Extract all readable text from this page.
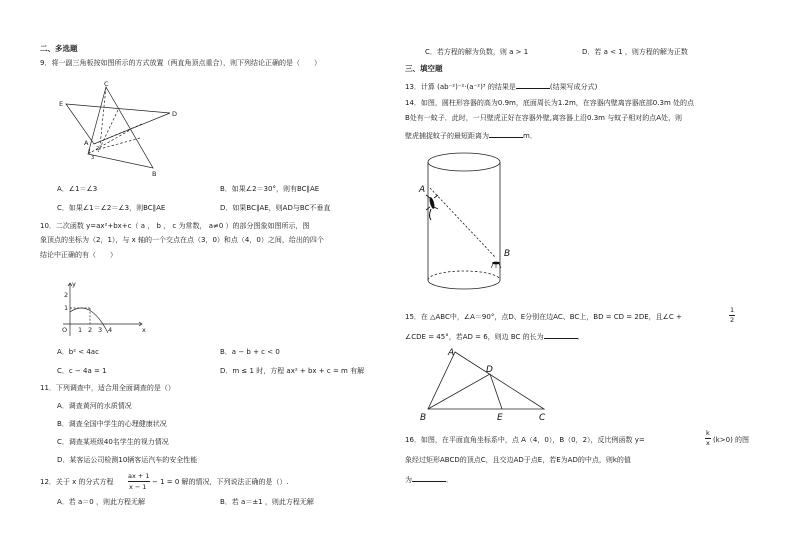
二、多选题
9．将一副三角板按如图所示的方式放置（两直角顶点重合），则下列结论正确的是（　　）
E
C
D
A
B
1 2
3
A．∠1＝∠3	B．如果∠2＝30°，则有BC∥AE
C．如果∠1＝∠2＝∠3，则BC∥AE	D．如果BC∥AE，则AD与BC不垂直
10．二次函数 y=ax²+bx+c（ a ， b ， c 为常数， a≠0 ）的部分图象如图所示，图
象顶点的坐标为（2，1），与 x 轴的一个交点在点（3，0）和点（4，0）之间，给出的四个
结论中正确的有（　　）
y
x
O
2
1
1 2 3 4
A．b² < 4ac	B．a − b + c < 0
C．c − 4a = 1	D．m ≤ 1 时，方程 ax² + bx + c = m 有解
11．下列调查中，适合用全面调查的是（）
A．调查黄河的水质情况
B．调查全国中学生的心理健康状况
C．调查某班级40名学生的视力情况
D．某客运公司检测10辆客运汽车的安全性能
12．关于 x 的分式方程
ax + 1
x − 1
− 1 = 0 解的情况，下列说法正确的是（）.
A．若 a＝0 ，则此方程无解	B．若 a＝±1 ，则此方程无解
C．若方程的解为负数，则 a > 1	D．若 a < 1 ，则方程的解为正数
三、填空题
13．计算 (ab⁻²)⁻²·(a⁻²)³ 的结果是	(结果写成分式)
14．如图，圆柱形容器的高为0.9m，底面周长为1.2m，在容器内壁离容器底部0.3m 处的点
B处有一蚊子．此时，一只壁虎正好在容器外壁,离容器上沿0.3m 与蚊子相对的点A处，则
壁虎捕捉蚊子的最短距离为	m．
A
B
15．在 △ABC中，∠A＝90°，点D、E分别在边AC、BC上，BD = CD = 2DE，且∠C +
1
2
∠CDE = 45°，若AD = 6，则边 BC 的长为	．
A
D
B	E	C
16．如图，在平面直角坐标系中，点 A（4，0），B（0，2），反比例函数 y=
k
x (k>0) 的图
象经过矩形ABCD的顶点C，且交边AD于点E，若E为AD的中点，则k的值
为	．
